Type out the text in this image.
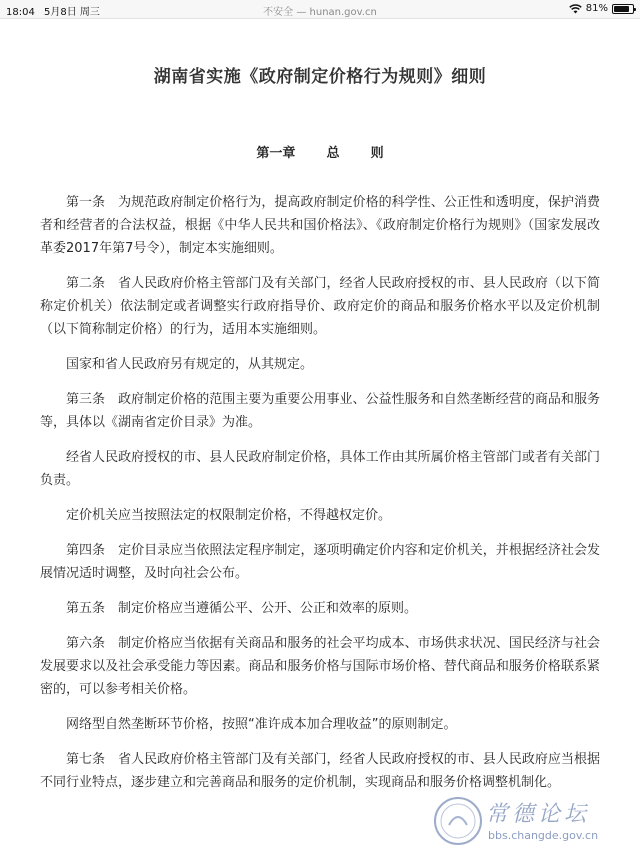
18:04 5月8日 周三	不安全 — hunan.gov.cn	81%
湖南省实施《政府制定价格行为规则》细则
第一章 总 则

第一条　为规范政府制定价格行为，提高政府制定价格的科学性、公正性和透明度，保护消费者和经营者的合法权益，根据《中华人民共和国价格法》、《政府制定价格行为规则》（国家发展改革委2017年第7号令），制定本实施细则。

第二条　省人民政府价格主管部门及有关部门，经省人民政府授权的市、县人民政府（以下简称定价机关）依法制定或者调整实行政府指导价、政府定价的商品和服务价格水平以及定价机制（以下简称制定价格）的行为，适用本实施细则。

国家和省人民政府另有规定的，从其规定。

第三条　政府制定价格的范围主要为重要公用事业、公益性服务和自然垄断经营的商品和服务等，具体以《湖南省定价目录》为准。

经省人民政府授权的市、县人民政府制定价格，具体工作由其所属价格主管部门或者有关部门负责。

定价机关应当按照法定的权限制定价格，不得越权定价。

第四条　定价目录应当依照法定程序制定，逐项明确定价内容和定价机关，并根据经济社会发展情况适时调整，及时向社会公布。

第五条　制定价格应当遵循公平、公开、公正和效率的原则。

第六条　制定价格应当依据有关商品和服务的社会平均成本、市场供求状况、国民经济与社会发展要求以及社会承受能力等因素。商品和服务价格与国际市场价格、替代商品和服务价格联系紧密的，可以参考相关价格。

网络型自然垄断环节价格，按照“准许成本加合理收益”的原则制定。

第七条　省人民政府价格主管部门及有关部门，经省人民政府授权的市、县人民政府应当根据不同行业特点，逐步建立和完善商品和服务的定价机制，实现商品和服务价格调整机制化。

常德论坛
bbs.changde.gov.cn
